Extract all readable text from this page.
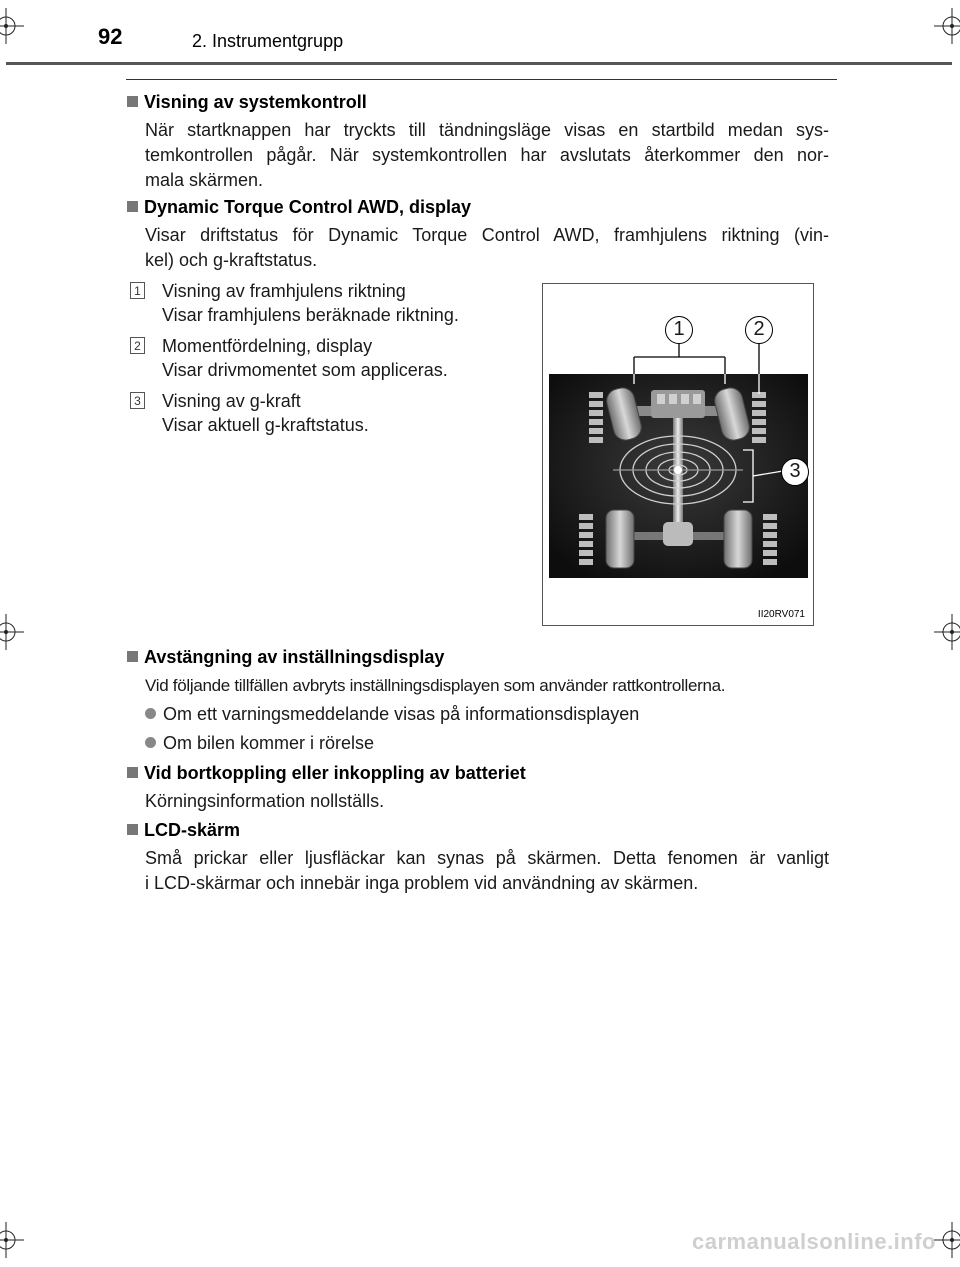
92	2. Instrumentgrupp
Visning av systemkontroll
När startknappen har tryckts till tändningsläge visas en startbild medan sys-
temkontrollen pågår. När systemkontrollen har avslutats återkommer den nor-
mala skärmen.
Dynamic Torque Control AWD, display
Visar driftstatus för Dynamic Torque Control AWD, framhjulens riktning (vin-
kel) och g-kraftstatus.
1 Visning av framhjulens riktning
Visar framhjulens beräknade riktning.
2 Momentfördelning, display
Visar drivmomentet som appliceras.
3 Visning av g-kraft
Visar aktuell g-kraftstatus.
1	2
3
II20RV071
Avstängning av inställningsdisplay
Vid följande tillfällen avbryts inställningsdisplayen som använder rattkontrollerna.
Om ett varningsmeddelande visas på informationsdisplayen
Om bilen kommer i rörelse
Vid bortkoppling eller inkoppling av batteriet
Körningsinformation nollställs.
LCD-skärm
Små prickar eller ljusfläckar kan synas på skärmen. Detta fenomen är vanligt
i LCD-skärmar och innebär inga problem vid användning av skärmen.
carmanualsonline.info
